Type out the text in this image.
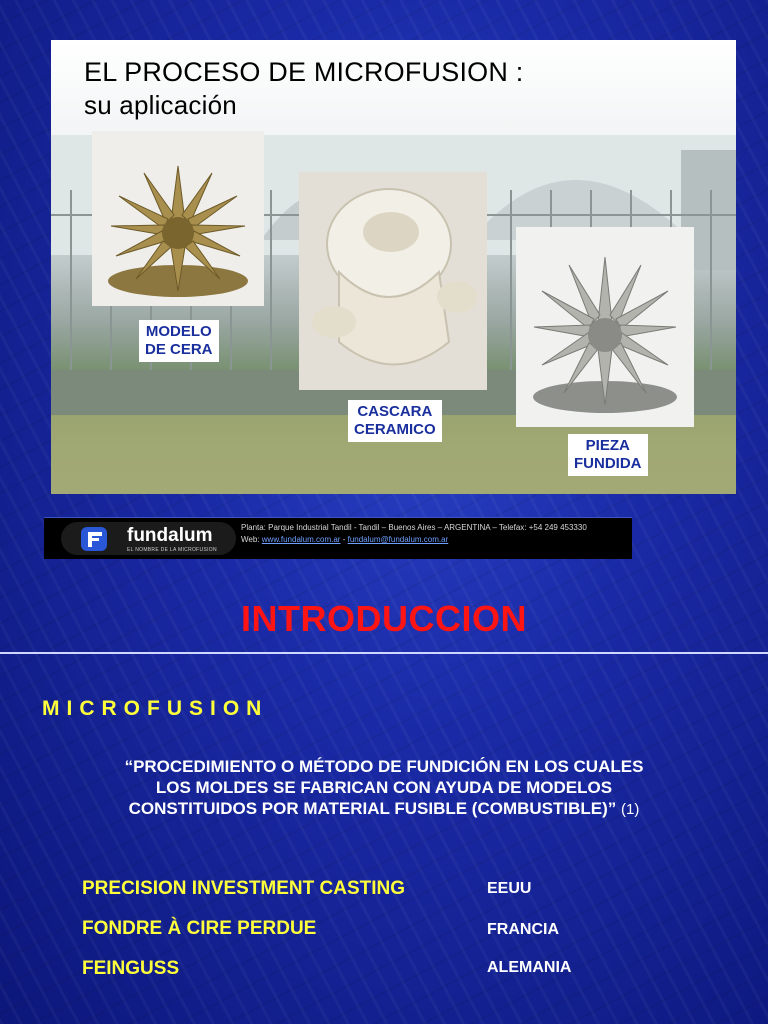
EL PROCESO DE MICROFUSION :
su aplicación
MODELO
DE CERA
CASCARA
CERAMICO
PIEZA
FUNDIDA
fundalum
EL NOMBRE DE LA MICROFUSION
Planta: Parque Industrial Tandil - Tandil – Buenos Aires – ARGENTINA – Telefax: +54 249 453330
Web: www.fundalum.com.ar - fundalum@fundalum.com.ar
INTRODUCCION
MICROFUSION
“PROCEDIMIENTO O MÉTODO DE FUNDICIÓN EN LOS CUALES
LOS MOLDES SE FABRICAN CON AYUDA DE MODELOS
CONSTITUIDOS POR MATERIAL FUSIBLE (COMBUSTIBLE)” (1)
PRECISION INVESTMENT CASTING	EEUU
FONDRE À CIRE PERDUE	FRANCIA
FEINGUSS	ALEMANIA
